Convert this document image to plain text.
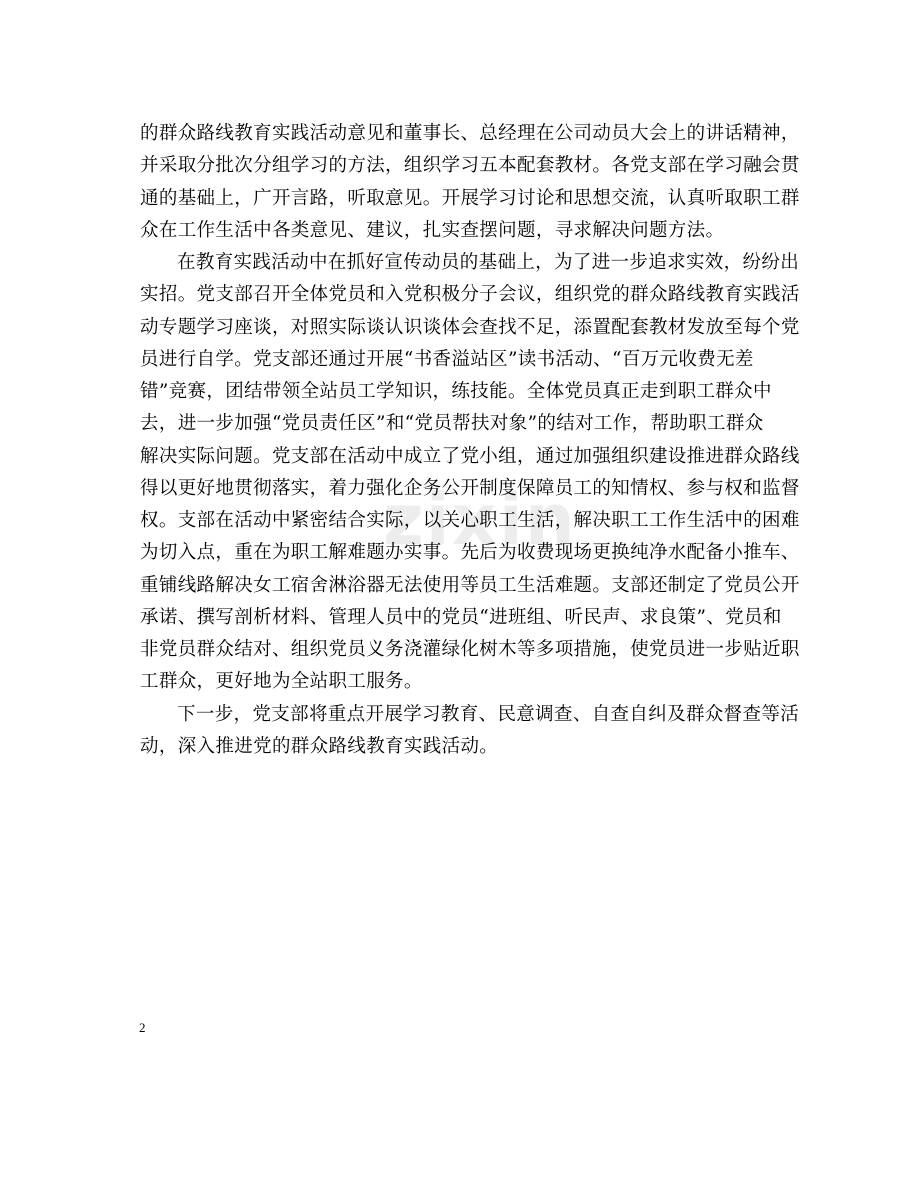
的群众路线教育实践活动意见和董事长、总经理在公司动员大会上的讲话精神，
并采取分批次分组学习的方法，组织学习五本配套教材。各党支部在学习融会贯
通的基础上，广开言路，听取意见。开展学习讨论和思想交流，认真听取职工群
众在工作生活中各类意见、建议，扎实查摆问题，寻求解决问题方法。
在教育实践活动中在抓好宣传动员的基础上，为了进一步追求实效，纷纷出
实招。党支部召开全体党员和入党积极分子会议，组织党的群众路线教育实践活
动专题学习座谈，对照实际谈认识谈体会查找不足，添置配套教材发放至每个党
员进行自学。党支部还通过开展“书香溢站区”读书活动、“百万元收费无差
错”竞赛，团结带领全站员工学知识，练技能。全体党员真正走到职工群众中
去，进一步加强“党员责任区”和“党员帮扶对象”的结对工作，帮助职工群众
解决实际问题。党支部在活动中成立了党小组，通过加强组织建设推进群众路线
得以更好地贯彻落实，着力强化企务公开制度保障员工的知情权、参与权和监督
权。支部在活动中紧密结合实际，以关心职工生活，解决职工工作生活中的困难
为切入点，重在为职工解难题办实事。先后为收费现场更换纯净水配备小推车、
重铺线路解决女工宿舍淋浴器无法使用等员工生活难题。支部还制定了党员公开
承诺、撰写剖析材料、管理人员中的党员“进班组、听民声、求良策”、党员和
非党员群众结对、组织党员义务浇灌绿化树木等多项措施，使党员进一步贴近职
工群众，更好地为全站职工服务。
下一步，党支部将重点开展学习教育、民意调查、自查自纠及群众督查等活
动，深入推进党的群众路线教育实践活动。
zixin
2
